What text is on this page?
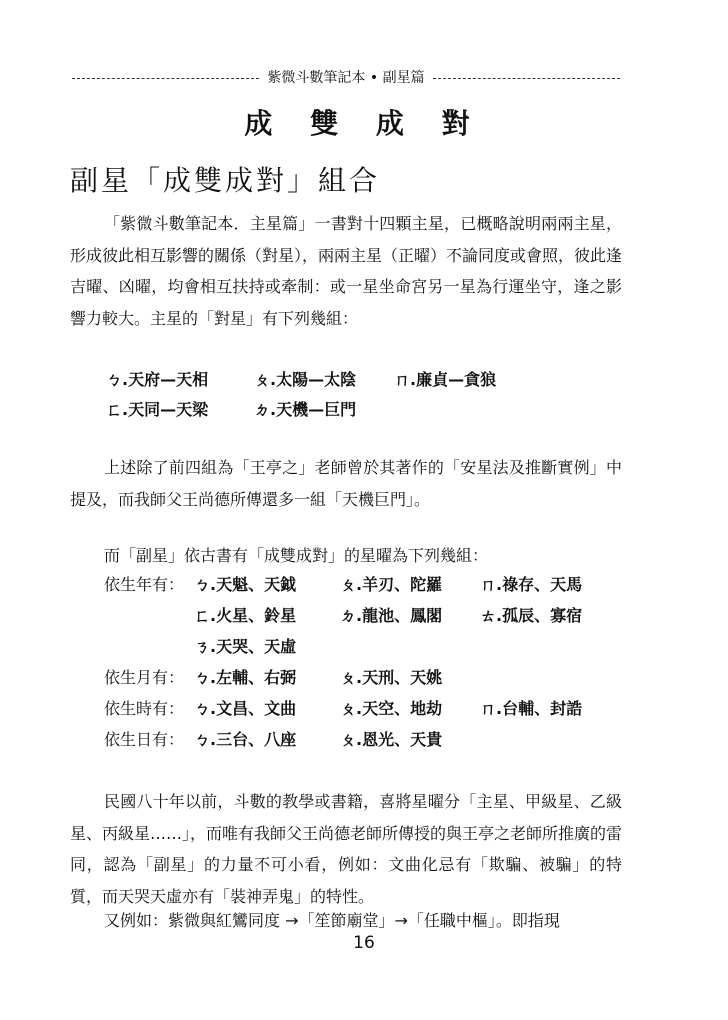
紫微斗數筆記本 • 副星篇
成 雙 成 對
副星「成雙成對」組合

「紫微斗數筆記本．主星篇」一書對十四顆主星，已概略說明兩兩主星，形成彼此相互影響的關係（對星），兩兩主星（正曜）不論同度或會照，彼此逢吉曜、凶曜，均會相互扶持或牽制：或一星坐命宮另一星為行運坐守，逢之影響力較大。主星的「對星」有下列幾組：

ㄅ.天府—天相	ㄆ.太陽—太陰	ㄇ.廉貞—貪狼
ㄈ.天同—天梁	ㄉ.天機—巨門

上述除了前四組為「王亭之」老師曾於其著作的「安星法及推斷實例」中提及，而我師父王尚德所傳還多一組「天機巨門」。

而「副星」依古書有「成雙成對」的星曜為下列幾組：

依生年有： ㄅ.天魁、天鉞	ㄆ.羊刃、陀羅	ㄇ.祿存、天馬
ㄈ.火星、鈴星	ㄉ.龍池、鳳閣	ㄊ.孤辰、寡宿
ㄋ.天哭、天虛
依生月有： ㄅ.左輔、右弼	ㄆ.天刑、天姚
依生時有： ㄅ.文昌、文曲	ㄆ.天空、地劫	ㄇ.台輔、封誥
依生日有： ㄅ.三台、八座	ㄆ.恩光、天貴

民國八十年以前，斗數的教學或書籍，喜將星曜分「主星、甲級星、乙級星、丙級星……」，而唯有我師父王尚德老師所傳授的與王亭之老師所推廣的雷同，認為「副星」的力量不可小看，例如：文曲化忌有「欺騙、被騙」的特質，而天哭天虛亦有「裝神弄鬼」的特性。

又例如：紫微與紅鸞同度 →「笙節廟堂」→「任職中樞」。即指現

16
